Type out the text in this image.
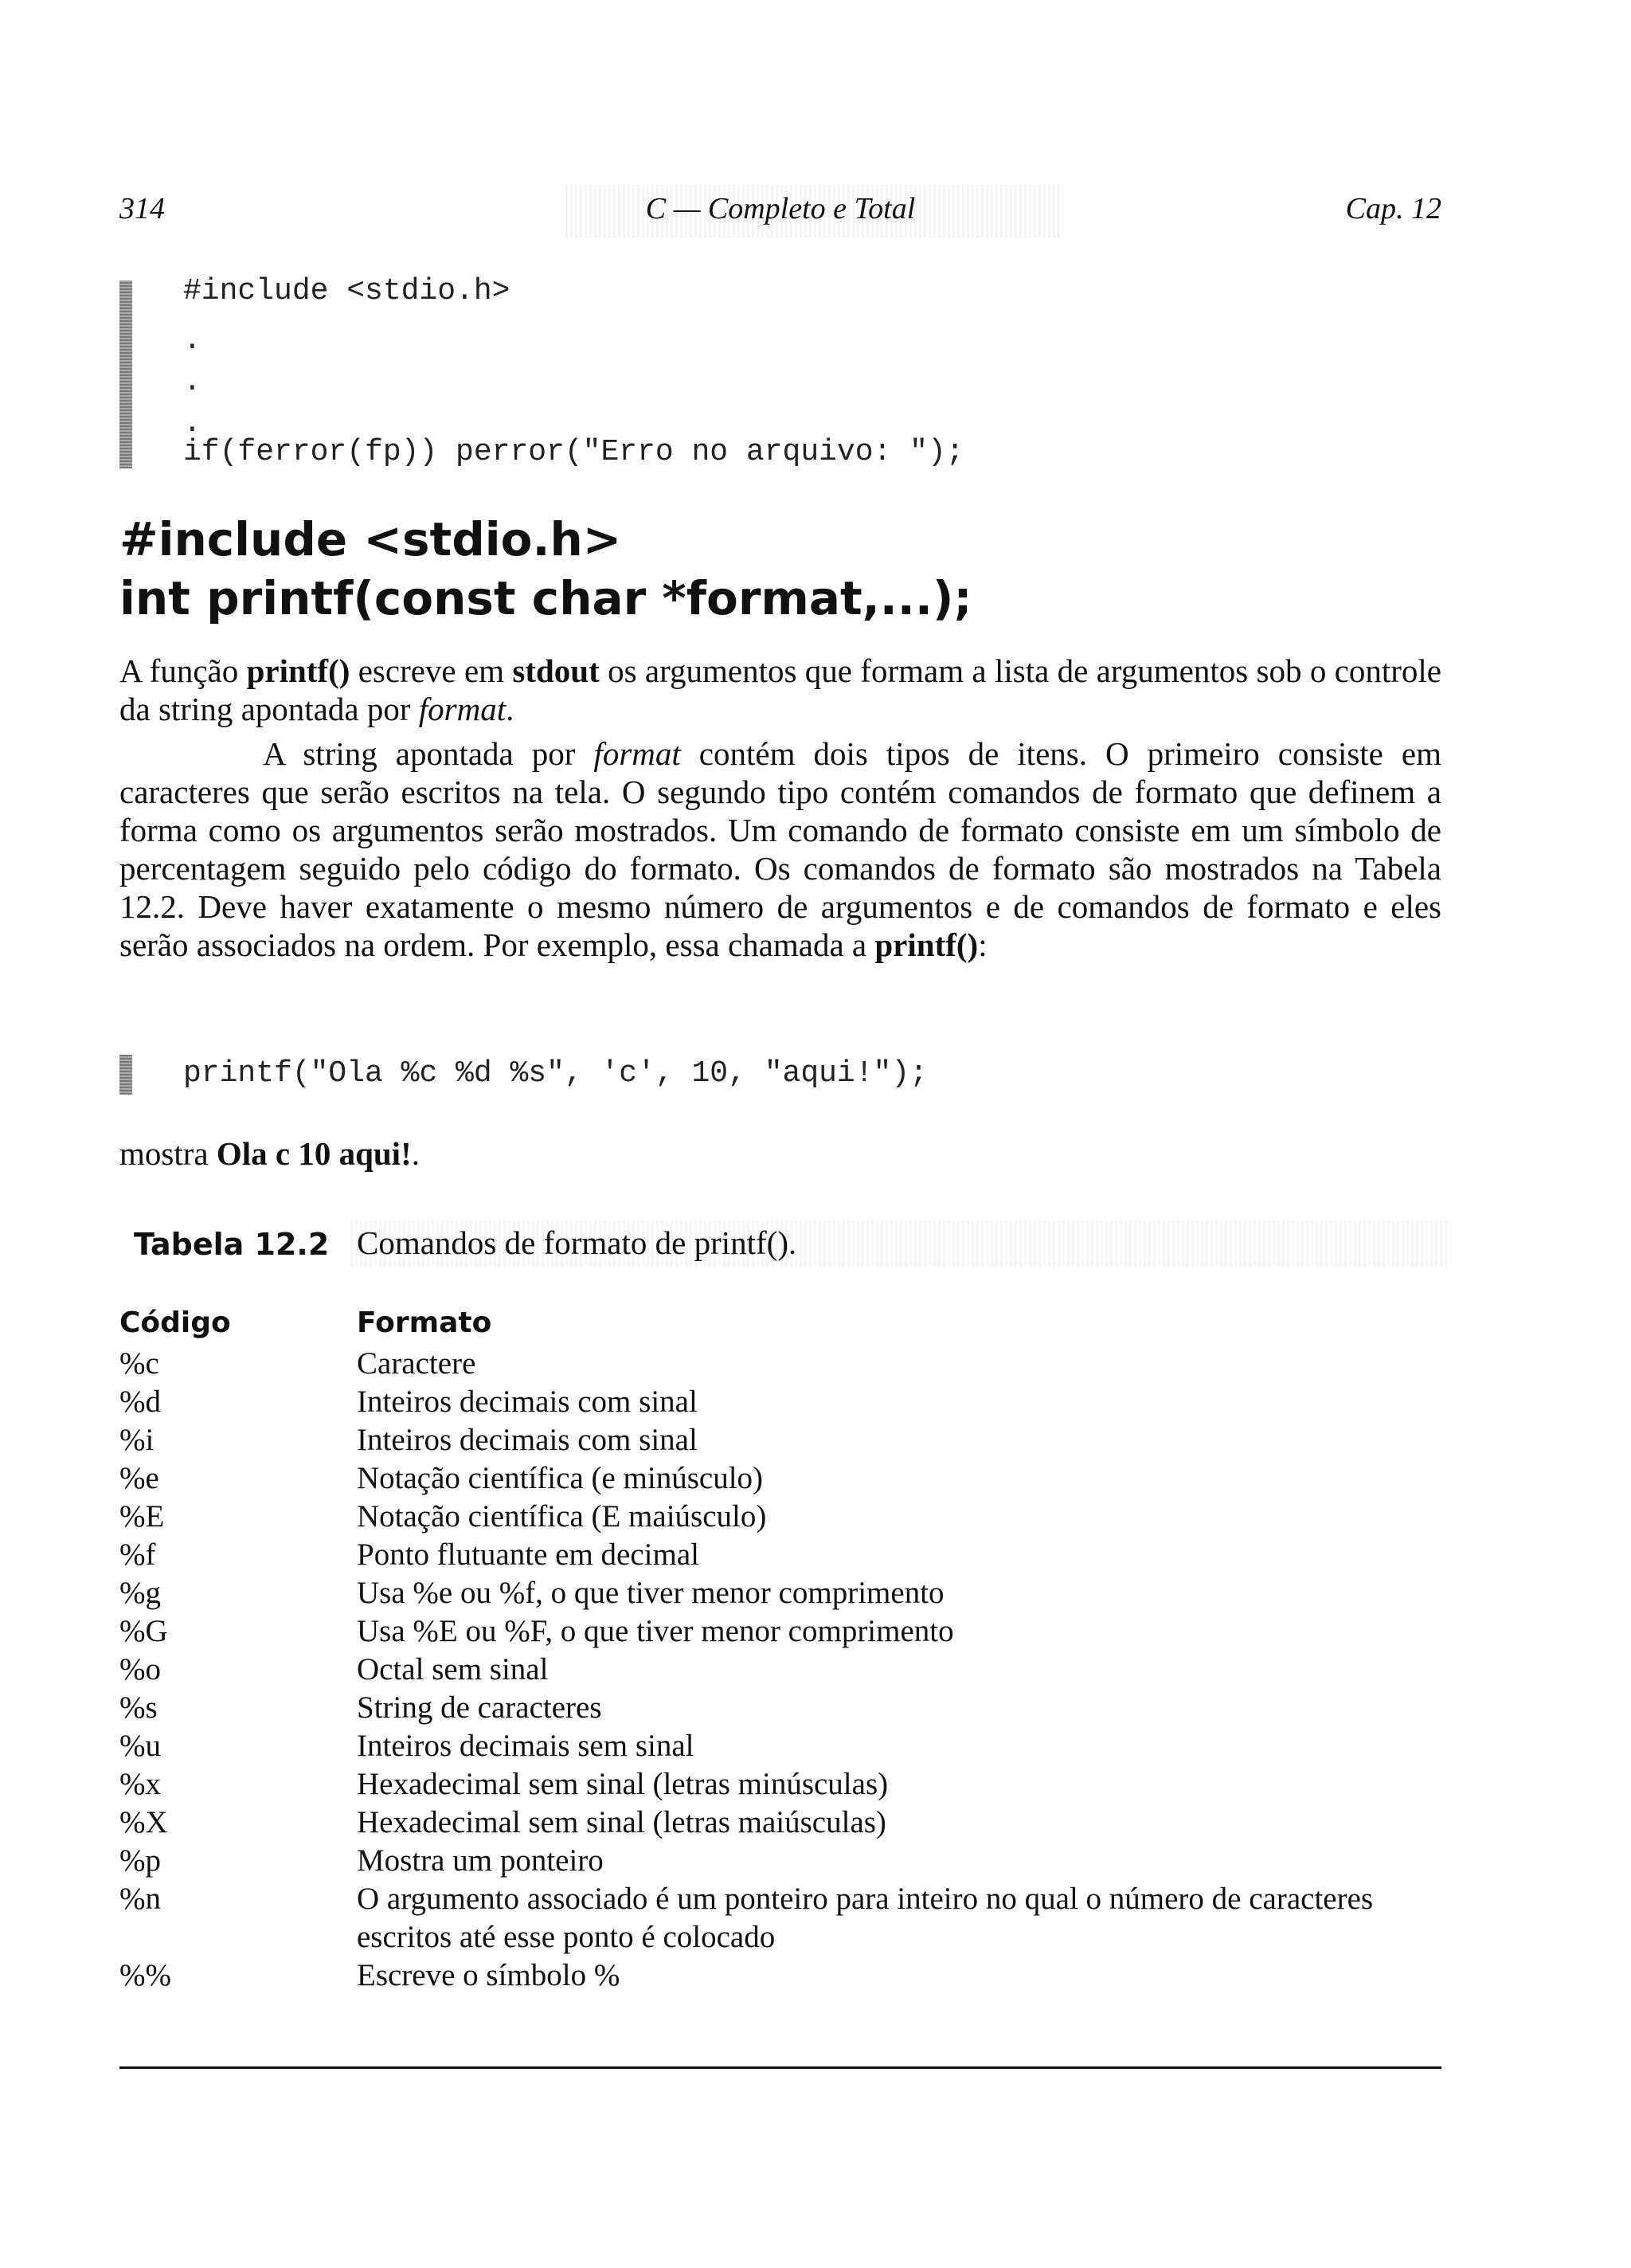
314	C — Completo e Total	Cap. 12

#include <stdio.h>

.

.

.

if(ferror(fp)) perror("Erro no arquivo: ");

#include <stdio.h>
int printf(const char *format,...);
A função printf() escreve em stdout os argumentos que formam a lista de argumentos sob o controle da string apontada por format.
A string apontada por format contém dois tipos de itens. O primeiro consiste em caracteres que serão escritos na tela. O segundo tipo contém comandos de formato que definem a forma como os argumentos serão mostrados. Um comando de formato consiste em um símbolo de percentagem seguido pelo código do formato. Os comandos de formato são mostrados na Tabela 12.2. Deve haver exatamente o mesmo número de argumentos e de comandos de formato e eles serão associados na ordem. Por exemplo, essa chamada a printf():

printf("Ola %c %d %s", 'c', 10, "aqui!");

mostra Ola c 10 aqui!.
Tabela 12.2 Comandos de formato de printf().
Código	Formato
%c	Caractere
%d	Inteiros decimais com sinal
%i	Inteiros decimais com sinal
%e	Notação científica (e minúsculo)
%E	Notação científica (E maiúsculo)
%f	Ponto flutuante em decimal
%g	Usa %e ou %f, o que tiver menor comprimento
%G	Usa %E ou %F, o que tiver menor comprimento
%o	Octal sem sinal
%s	String de caracteres
%u	Inteiros decimais sem sinal
%x	Hexadecimal sem sinal (letras minúsculas)
%X	Hexadecimal sem sinal (letras maiúsculas)
%p	Mostra um ponteiro
%n	O argumento associado é um ponteiro para inteiro no qual o número de caracteres escritos até esse ponto é colocado
%%	Escreve o símbolo %
